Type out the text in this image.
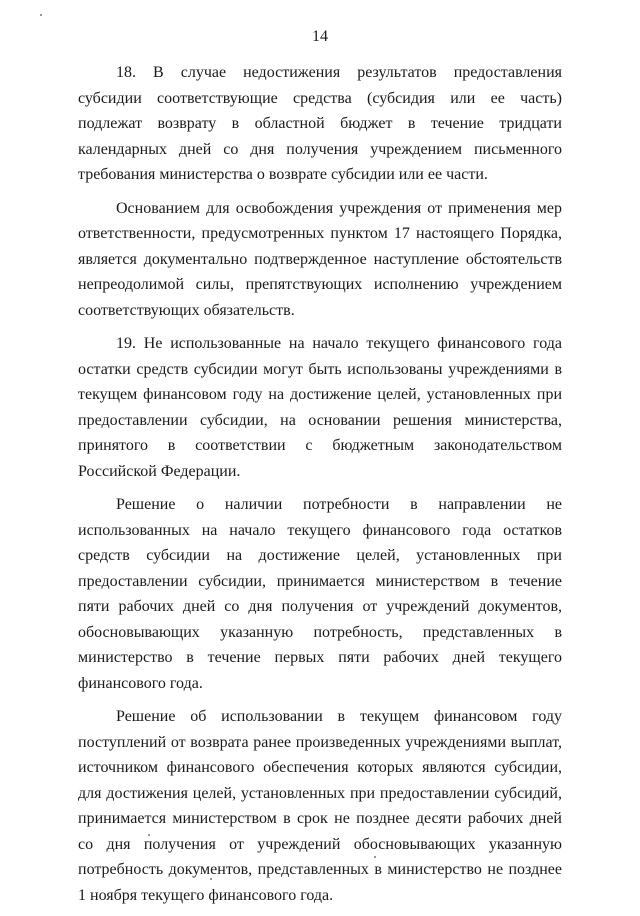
14

18. В случае недостижения результатов предоставления субсидии соответствующие средства (субсидия или ее часть) подлежат возврату в областной бюджет в течение тридцати календарных дней со дня получения учреждением письменного требования министерства о возврате субсидии или ее части.

Основанием для освобождения учреждения от применения мер ответственности, предусмотренных пунктом 17 настоящего Порядка, является документально подтвержденное наступление обстоятельств непреодолимой силы, препятствующих исполнению учреждением соответствующих обязательств.

19. Не использованные на начало текущего финансового года остатки средств субсидии могут быть использованы учреждениями в текущем финансовом году на достижение целей, установленных при предоставлении субсидии, на основании решения министерства, принятого в соответствии с бюджетным законодательством Российской Федерации.

Решение о наличии потребности в направлении не использованных на начало текущего финансового года остатков средств субсидии на достижение целей, установленных при предоставлении субсидии, принимается министерством в течение пяти рабочих дней со дня получения от учреждений документов, обосновывающих указанную потребность, представленных в министерство в течение первых пяти рабочих дней текущего финансового года.

Решение об использовании в текущем финансовом году поступлений от возврата ранее произведенных учреждениями выплат, источником финансового обеспечения которых являются субсидии, для достижения целей, установленных при предоставлении субсидий, принимается министерством в срок не позднее десяти рабочих дней со дня получения от учреждений обосновывающих указанную потребность документов, представленных в министерство не позднее 1 ноября текущего финансового года.
